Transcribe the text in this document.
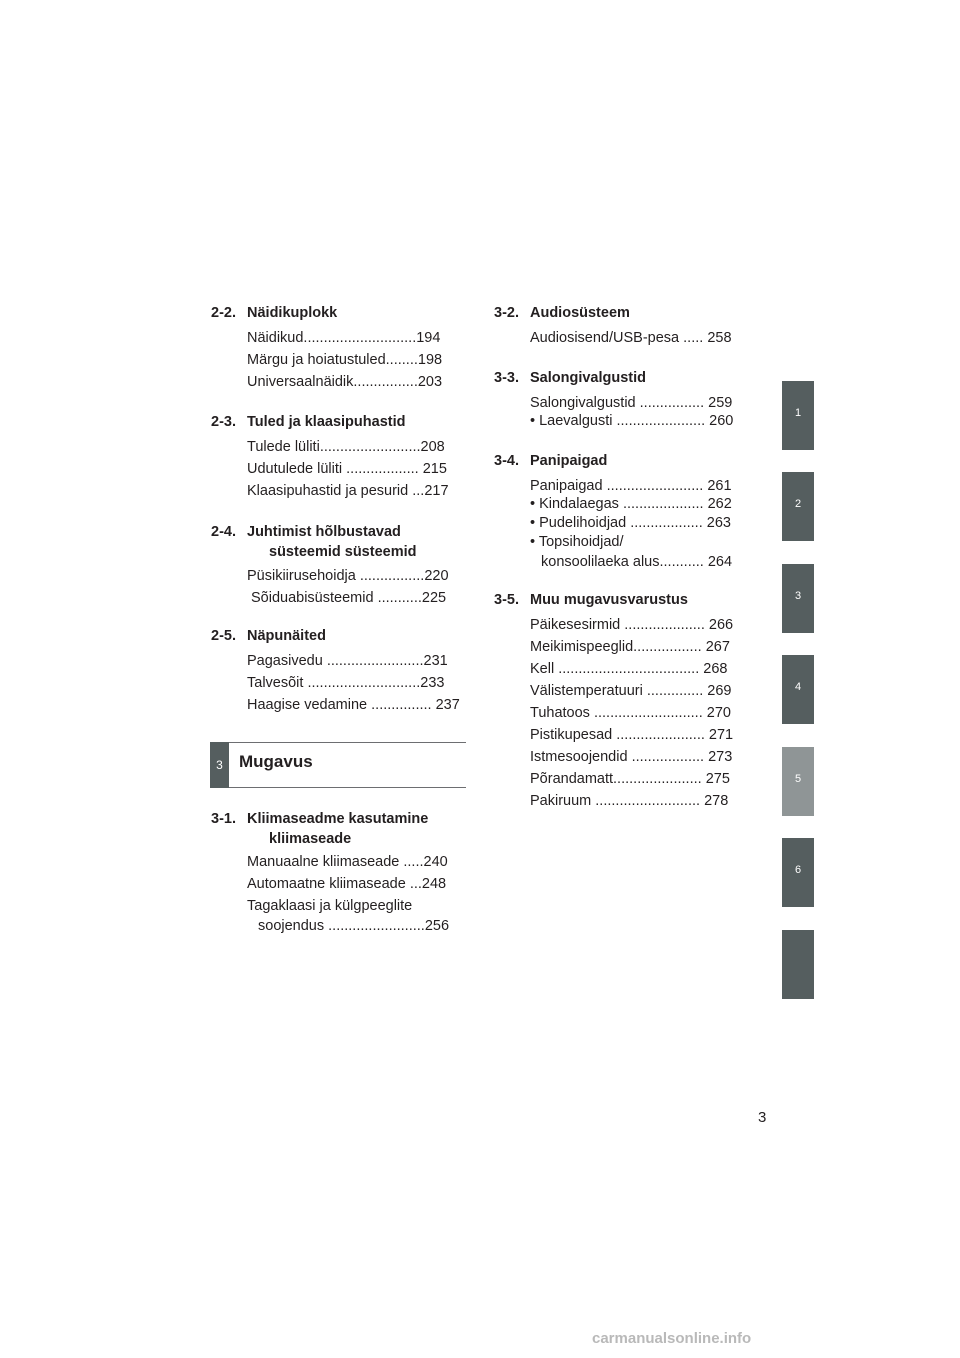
2-2. Näidikuplokk
Näidikud............................194
Märgu ja hoiatustuled........198
Universaalnäidik................203
2-3. Tuled ja klaasipuhastid
Tulede lüliti.........................208
Udutulede lüliti .................. 215
Klaasipuhastid ja pesurid ...217
2-4. Juhtimist hõlbustavad
süsteemid süsteemid
Püsikiirusehoidja ................220
Sõiduabisüsteemid ...........225
2-5. Näpunäited
Pagasivedu ........................231
Talvesõit ............................233
Haagise vedamine ............... 237
3 Mugavus
3-1. Kliimaseadme kasutamine
kliimaseade
Manuaalne kliimaseade .....240
Automaatne kliimaseade ...248
Tagaklaasi ja külgpeeglite
soojendus ........................256
3-2. Audiosüsteem
Audiosisend/USB-pesa ..... 258
3-3. Salongivalgustid
Salongivalgustid ................ 259
• Laevalgusti ...................... 260
3-4. Panipaigad
Panipaigad ........................ 261
• Kindalaegas .................... 262
• Pudelihoidjad .................. 263
• Topsihoidjad/
konsoolilaeka alus........... 264
3-5. Muu mugavusvarustus
Päikesesirmid .................... 266
Meikimispeeglid................. 267
Kell ................................... 268
Välistemperatuuri .............. 269
Tuhatoos ........................... 270
Pistikupesad ...................... 271
Istmesoojendid .................. 273
Põrandamatt...................... 275
Pakiruum .......................... 278
1
2
3
4
5
6
3
carmanualsonline.info
